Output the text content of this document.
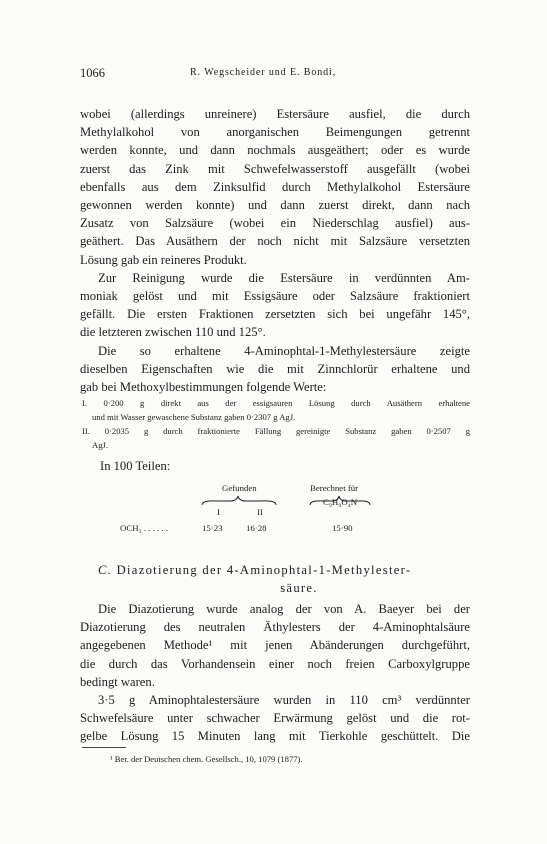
1066	R. Wegscheider und E. Bondi,

wobei (allerdings unreinere) Estersäure ausfiel, die durch
Methylalkohol von anorganischen Beimengungen getrennt
werden konnte, und dann nochmals ausgeäthert; oder es wurde
zuerst das Zink mit Schwefelwasserstoff ausgefällt (wobei
ebenfalls aus dem Zinksulfid durch Methylalkohol Estersäure
gewonnen werden konnte) und dann zuerst direkt, dann nach
Zusatz von Salzsäure (wobei ein Niederschlag ausfiel) aus-
geäthert. Das Ausäthern der noch nicht mit Salzsäure versetzten
Lösung gab ein reineres Produkt.

Zur Reinigung wurde die Estersäure in verdünnten Am-
moniak gelöst und mit Essigsäure oder Salzsäure fraktioniert
gefällt. Die ersten Fraktionen zersetzten sich bei ungefähr 145°,
die letzteren zwischen 110 und 125°.

Die so erhaltene 4-Aminophtal-1-Methylestersäure zeigte
dieselben Eigenschaften wie die mit Zinnchlorür erhaltene und
gab bei Methoxylbestimmungen folgende Werte:

I. 0·200 g direkt aus der essigsauren Lösung durch Ausäthern erhaltene
und mit Wasser gewaschene Substanz gaben 0·2307 g AgJ.
II. 0·2035 g durch fraktionierte Fällung gereinigte Substanz gaben 0·2507 g
AgJ.
In 100 Teilen:
Gefunden	Berechnet für
C₉H₉O₄N
I	II
OCH₃ . . . . . .	15·23	16·28	15·90
C. Diazotierung der 4-Aminophtal-1-Methylester-
säure.

Die Diazotierung wurde analog der von A. Baeyer bei der
Diazotierung des neutralen Äthylesters der 4-Aminophtalsäure
angegebenen Methode¹ mit jenen Abänderungen durchgeführt,
die durch das Vorhandensein einer noch freien Carboxylgruppe
bedingt waren.

3·5 g Aminophtalestersäure wurden in 110 cm³ verdünnter
Schwefelsäure unter schwacher Erwärmung gelöst und die rot-
gelbe Lösung 15 Minuten lang mit Tierkohle geschüttelt. Die

¹ Ber. der Deutschen chem. Gesellsch., 10, 1079 (1877).
